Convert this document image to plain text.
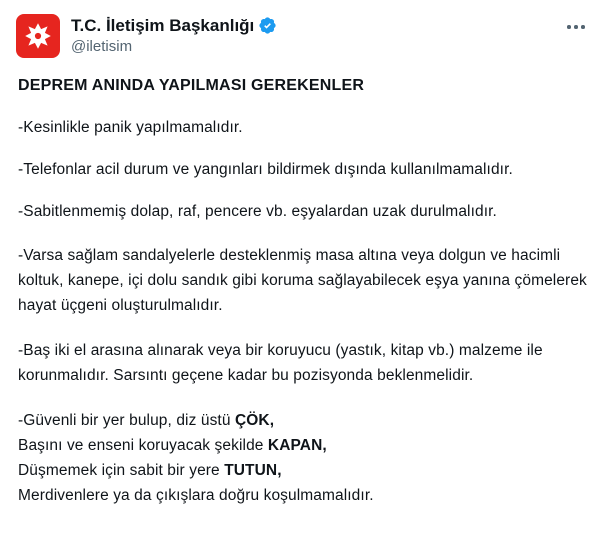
T.C. İletişim Başkanlığı
@iletisim
DEPREM ANINDA YAPILMASI GEREKENLER

-Kesinlikle panik yapılmamalıdır.

-Telefonlar acil durum ve yangınları bildirmek dışında kullanılmamalıdır.

-Sabitlenmemiş dolap, raf, pencere vb. eşyalardan uzak durulmalıdır.

-Varsa sağlam sandalyelerle desteklenmiş masa altına veya dolgun ve hacimli koltuk, kanepe, içi dolu sandık gibi koruma sağlayabilecek eşya yanına çömelerek hayat üçgeni oluşturulmalıdır.

-Baş iki el arasına alınarak veya bir koruyucu (yastık, kitap vb.) malzeme ile korunmalıdır. Sarsıntı geçene kadar bu pozisyonda beklenmelidir.

-Güvenli bir yer bulup, diz üstü ÇÖK,
Başını ve enseni koruyacak şekilde KAPAN,
Düşmemek için sabit bir yere TUTUN,
Merdivenlere ya da çıkışlara doğru koşulmamalıdır.
